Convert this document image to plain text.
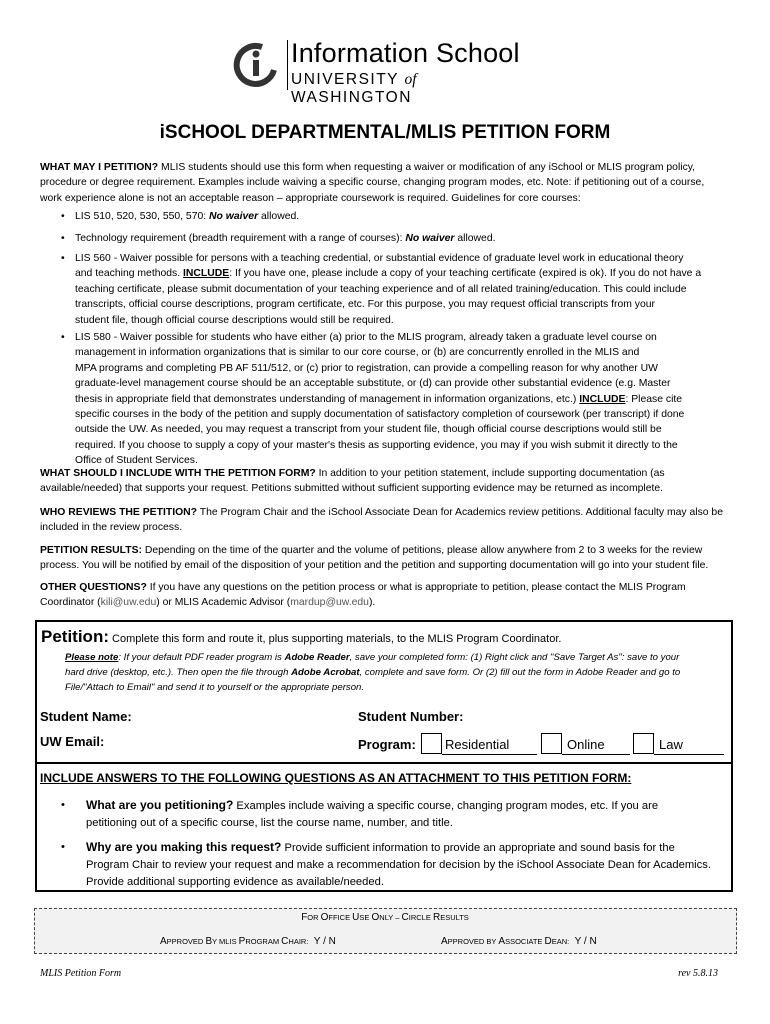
Information School
UNIVERSITY of WASHINGTON
iSCHOOL DEPARTMENTAL/MLIS PETITION FORM
WHAT MAY I PETITION? MLIS students should use this form when requesting a waiver or modification of any iSchool or MLIS program policy,
procedure or degree requirement. Examples include waiving a specific course, changing program modes, etc. Note: if petitioning out of a course,
work experience alone is not an acceptable reason – appropriate coursework is required. Guidelines for core courses:
• LIS 510, 520, 530, 550, 570: No waiver allowed.
• Technology requirement (breadth requirement with a range of courses): No waiver allowed.
• LIS 560 - Waiver possible for persons with a teaching credential, or substantial evidence of graduate level work in educational theory
and teaching methods. INCLUDE: If you have one, please include a copy of your teaching certificate (expired is ok). If you do not have a
teaching certificate, please submit documentation of your teaching experience and of all related training/education. This could include
transcripts, official course descriptions, program certificate, etc. For this purpose, you may request official transcripts from your
student file, though official course descriptions would still be required.
• LIS 580 - Waiver possible for students who have either (a) prior to the MLIS program, already taken a graduate level course on
management in information organizations that is similar to our core course, or (b) are concurrently enrolled in the MLIS and
MPA programs and completing PB AF 511/512, or (c) prior to registration, can provide a compelling reason for why another UW
graduate-level management course should be an acceptable substitute, or (d) can provide other substantial evidence (e.g. Master
thesis in appropriate field that demonstrates understanding of management in information organizations, etc.) INCLUDE: Please cite
specific courses in the body of the petition and supply documentation of satisfactory completion of coursework (per transcript) if done
outside the UW. As needed, you may request a transcript from your student file, though official course descriptions would still be
required. If you choose to supply a copy of your master's thesis as supporting evidence, you may if you wish submit it directly to the
Office of Student Services.
WHAT SHOULD I INCLUDE WITH THE PETITION FORM? In addition to your petition statement, include supporting documentation (as
available/needed) that supports your request. Petitions submitted without sufficient supporting evidence may be returned as incomplete.
WHO REVIEWS THE PETITION? The Program Chair and the iSchool Associate Dean for Academics review petitions. Additional faculty may also be
included in the review process.
PETITION RESULTS: Depending on the time of the quarter and the volume of petitions, please allow anywhere from 2 to 3 weeks for the review
process. You will be notified by email of the disposition of your petition and the petition and supporting documentation will go into your student file.
OTHER QUESTIONS? If you have any questions on the petition process or what is appropriate to petition, please contact the MLIS Program
Coordinator (kili@uw.edu) or MLIS Academic Advisor (mardup@uw.edu).
Petition: Complete this form and route it, plus supporting materials, to the MLIS Program Coordinator.
Please note: If your default PDF reader program is Adobe Reader, save your completed form: (1) Right click and "Save Target As": save to your
hard drive (desktop, etc.). Then open the file through Adobe Acrobat, complete and save form. Or (2) fill out the form in Adobe Reader and go to
File/"Attach to Email" and send it to yourself or the appropriate person.
Student Name:	Student Number:
UW Email:	Program: Residential	Online	Law
INCLUDE ANSWERS TO THE FOLLOWING QUESTIONS AS AN ATTACHMENT TO THIS PETITION FORM:
• What are you petitioning? Examples include waiving a specific course, changing program modes, etc. If you are
petitioning out of a specific course, list the course name, number, and title.
• Why are you making this request? Provide sufficient information to provide an appropriate and sound basis for the
Program Chair to review your request and make a recommendation for decision by the iSchool Associate Dean for Academics.
Provide additional supporting evidence as available/needed.
FOR OFFICE USE ONLY – CIRCLE RESULTS
APPROVED BY MLIS PROGRAM CHAIR:  Y / N	APPROVED BY ASSOCIATE DEAN:  Y / N
MLIS Petition Form	rev 5.8.13
